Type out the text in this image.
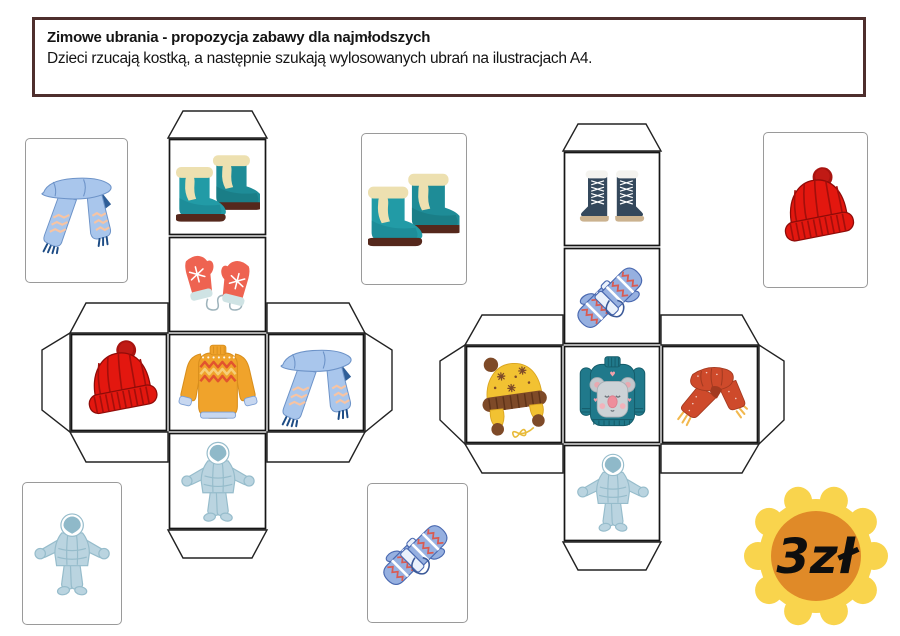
Zimowe ubrania - propozycja zabawy dla najmłodszych
Dzieci rzucają kostką, a następnie szukają wylosowanych ubrań na ilustracjach A4.
3zł
